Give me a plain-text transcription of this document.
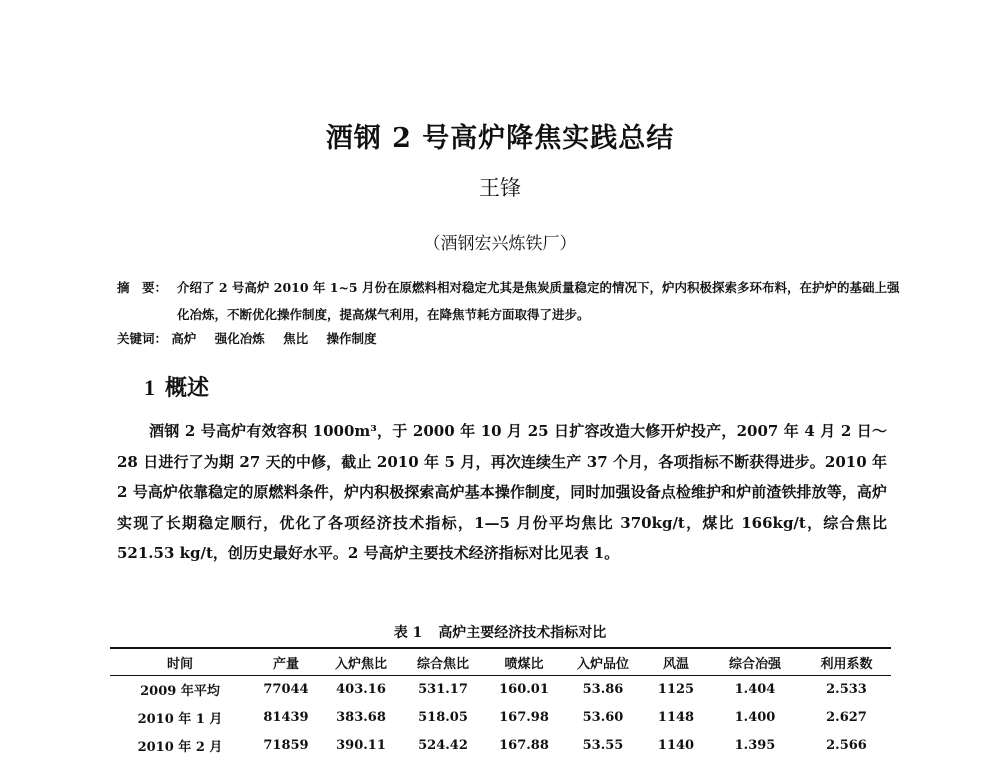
酒钢 2 号高炉降焦实践总结
王锋
（酒钢宏兴炼铁厂）
摘　要： 介绍了 2 号高炉 2010 年 1~5 月份在原燃料相对稳定尤其是焦炭质量稳定的情况下，炉内积极探索多环布料，在护炉的基础上强化冶炼，不断优化操作制度，提高煤气利用，在降焦节耗方面取得了进步。
关键词： 高炉 强化冶炼 焦比 操作制度
1 概述

酒钢 2 号高炉有效容积 1000m³，于 2000 年 10 月 25 日扩容改造大修开炉投产，2007 年 4 月 2 日～28 日进行了为期 27 天的中修，截止 2010 年 5 月，再次连续生产 37 个月，各项指标不断获得进步。2010 年 2 号高炉依靠稳定的原燃料条件，炉内积极探索高炉基本操作制度，同时加强设备点检维护和炉前渣铁排放等，高炉实现了长期稳定顺行，优化了各项经济技术指标，1—5 月份平均焦比 370kg/t，煤比 166kg/t，综合焦比 521.53 kg/t，创历史最好水平。2 号高炉主要技术经济指标对比见表 1。

表 1 高炉主要经济技术指标对比
时间	产量	入炉焦比	综合焦比	喷煤比	入炉品位	风温	综合冶强	利用系数
2009 年平均	77044	403.16	531.17	160.01	53.86	1125	1.404	2.533
2010 年 1 月	81439	383.68	518.05	167.98	53.60	1148	1.400	2.627
2010 年 2 月	71859	390.11	524.42	167.88	53.55	1140	1.395	2.566
